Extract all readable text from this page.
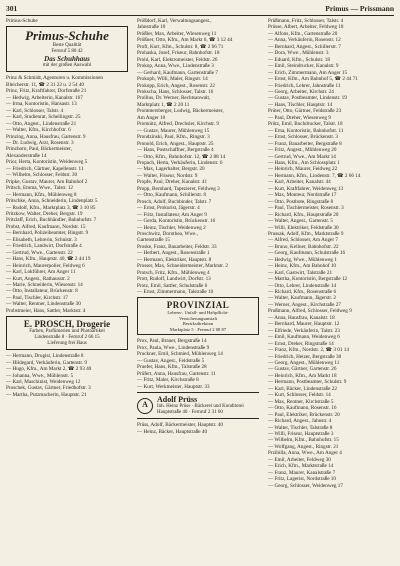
301	Primus — Prissmann
Primus-Schuhe
Primus-Schuhe
Beste Qualität
Fernruf 5 80 42
Das Schuhhaus
mit der großen Auswahl
Prinz & Schmidt, Agenturen u. Kommissionen
Bleicherstr. 11, ☎ 2 31 22 u. 2 54 40
Prinz, Fritz, Kraftfahrer, Dorfstraße 21
— Hedwig, Arbeiterin, Kanalstr. 167
— Irma, Kontoristin, Hansastr. 13
— Karl, Schlosser, Talstr. 4
— Karl, Studienrat, Schellingstr. 25
— Otto, Angest., Lindenstraße 21
— Walter, Kfm., Kirchhofstr. 6
Prinzing, Anna, Hausfrau, Gartenstr. 9
— Dr. Ludwig, Arzt, Rosenstr. 3
Prinzhorn, Paul, Bäckermeister,
Alexanderstraße 14
Prior, Herta, Kontoristin, Weidenweg 5
— Friedrich, Gärtner, Kapellenstr. 11
— Wilhelm, Schlosser, Feldstr. 30
Pripke, Gustav, Maurer, Am Bahnhof 2
Pritsch, Emma, Wwe., Talstr. 12
— Hermann, Kfm., Mühlenweg 8
Pritschke, Anna, Schneiderin, Lindenplatz 5
— Rudolf, Kfm., Marktplatz 3, ☎ 3 10 85
Pritzkow, Walter, Dreher, Bergstr. 19
Pritzlaff, Erich, Buchhändler, Bahnhofstr. 7
Probst, Alfred, Kaufmann, Nordstr. 15
— Bernhard, Polizeibeamter, Ringstr. 9
— Elisabeth, Lehrerin, Schulstr. 3
— Friedrich, Landwirt, Dorfstraße 4
— Gertrud, Wwe., Gartenstr. 22
— Hans, Kfm., Hauptstr. 40, ☎ 2 44 19
— Heinrich, Maurerpolier, Feldweg 6
— Karl, Lokführer, Am Anger 11
— Kurt, Angest., Rathausstr. 2
— Marie, Schneiderin, Wiesenstr. 14
— Otto, Installateur, Brückenstr. 8
— Paul, Tischler, Kirchstr. 17
— Walter, Rentner, Lindenstraße 30
Probstmeier, Hans, Sattler, Marktstr. 4
E. PROSCH, Drogerie
Farben, Parfümerien und Photoartikel
Lindenstraße 8 · Fernruf 2 66 15
Lieferung frei Haus
— Hermann, Drogist, Lindenstraße 8
— Hildegard, Verkäuferin, Gartenstr. 9
— Hugo, Kfm., Am Markt 2, ☎ 2 93 40
— Johanna, Wwe., Mühlenstr. 5
— Karl, Maschinist, Weidenweg 12
Proschek, Gustav, Gärtner, Friedhofstr. 3
— Martha, Putzmacherin, Hauptstr. 21
Prößdorf, Karl, Verwaltungsangest.,
Jahnstraße 10
Prößler, Max, Arbeiter, Wiesenweg 11
Prößner, Otto, Kfm., Am Markt 6, ☎ 3 12 44
Proft, Kurt, Kfm., Schulstr. 8, ☎ 2 66 71
Prohaska, Josef, Friseur, Bahnhofstr. 18
Prohl, Karl, Elektromeister, Feldstr. 26
Prokop, Anna, Wwe., Lindenstraße 3
— Gerhard, Kaufmann, Gartenstraße 7
Prokoph, Willi, Maler, Ringstr. 14
Prokopp, Erich, Angest., Rosenstr. 22
Prokscha, Hans, Schlosser, Talstr. 16
Prollius, Dr. Werner, Rechtsanwalt,
Marktplatz 1, ☎ 2 20 11
Prommersberger, Ludwig, Bäckermeister,
Am Anger 10
Promnitz, Alfred, Drechsler, Kirchstr. 9
— Gustav, Maurer, Mühlenweg 15
Prondzinski, Paul, Kfm., Ringstr. 3
Pronold, Erich, Angest., Hauptstr. 25
— Hans, Postschaffner, Bergstraße 4
— Otto, Kfm., Bahnhofstr. 12, ☎ 2 88 14
Propach, Herta, Verkäuferin, Lindenstr. 6
— Max, Lagerhalter, Bergstr. 20
— Walter, Friseur, Nordstr. 9
Propfe, Paul, Dreher, Kanalstr. 41
Propp, Bernhard, Tapezierer, Feldweg 3
— Otto, Kaufmann, Schillerstr. 8
Prosch, Adolf, Buchbinder, Talstr. 7
— Ernst, Prokurist, Jägerstr. 4
— Fritz, Installateur, Am Anger 9
— Gerda, Kontoristin, Brückenstr. 16
— Heinz, Tischler, Weidenweg 2
Proschwitz, Dorothea, Wwe.,
Gartenstraße 15
Proske, Franz, Bauarbeiter, Feldstr. 33
— Herbert, Angest., Rosenstraße 1
— Hermann, Elektriker, Hauptstr. 8
Prosser, Max, Schneidermeister, Marktstr. 2
Protsch, Fritz, Kfm., Mühlenweg 4
Prott, Rudolf, Landwirt, Dorfstr. 13
Protz, Emil, Sattler, Schulstraße 6
— Ernst, Zimmermann, Talstraße 10
PROVINZIAL
Lebens-, Unfall- und Haftpflicht-
Versicherungsanstalt
Bezirksdirektion
Marktplatz 5 · Fernruf 2 08 87
Prox, Paul, Brauer, Bergstraße 14
Prox, Paula, Wwe., Lindenstraße 9
Pruckner, Emil, Schmied, Mühlenweg 14
— Gustav, Angest., Feldstraße 5
Pruefer, Hans, Kfm., Talstraße 28
Prüfert, Anna, Hausfrau, Gartenstr. 11
— Fritz, Maler, Kirchstraße 8
— Kurt, Werkmeister, Hauptstr. 33
A
Adolf Prüss
Inh. Heinz Prüss · Bäckerei und Konditorei
Hauptstraße 40 · Fernruf 2 31 60
Prüss, Adolf, Bäckermeister, Hauptstr. 40
— Heinz, Bäcker, Hauptstraße 40
Prüßmann, Fritz, Schlosser, Talstr. 4
Prüsse, Albert, Arbeiter, Feldweg 18
— Alfons, Kfm., Gartenstraße 20
— Anna, Verkäuferin, Rosenstr. 12
— Bernhard, Angest., Schillerstr. 7
— Dora, Wwe., Mühlenstr. 3
— Eduard, Kfm., Schulstr. 18
— Emil, Steindrucker, Kanalstr. 9
— Erich, Zimmermann, Am Anger 15
— Ernst, Kfm., Am Bahnhof 5, ☎ 2 44 71
— Friedrich, Lehrer, Jahnstraße 11
— Georg, Arbeiter, Kirchstr. 24
— Gustav, Postbeamter, Lindenstr. 19
— Hans, Tischler, Hauptstr. 14
Prüter, Otto, Gärtner, Feldstraße 23
— Paul, Dreher, Wiesenweg 9
Prütz, Emil, Buchdrucker, Talstr. 18
— Erna, Kontoristin, Bahnhofstr. 11
— Ernst, Schlosser, Brückenstr. 3
— Franz, Bauarbeiter, Bergstraße 8
— Fritz, Angest., Mühlenweg 20
— Gertrud, Wwe., Am Markt 14
— Hans, Kfm., Am Schlossplatz 1
— Heinrich, Maurer, Feldweg 22
— Hermann, Kfm., Lindenstr. 7, ☎ 2 66 14
— Karl, Arbeiter, Kanalstr. 44
— Kurt, Kraftfahrer, Weidenweg 13
— Max, Monteur, Nordstraße 17
— Otto, Postbote, Ringstraße 8
— Paul, Tischlermeister, Rosenstr. 3
— Richard, Kfm., Hauptstraße 20
— Walter, Angest., Gartenstr. 5
— Willi, Elektriker, Feldstraße 30
Prussak, Adolf, Kfm., Marktstraße 9
— Alfred, Schlosser, Am Anger 7
— Bruno, Kellner, Bahnhofstr. 22
— Georg, Kaufmann, Schulstraße 16
— Hedwig, Wwe., Mühlenweg 1
— Heinz, Kfm., Am Bahnhof 10
— Karl, Gastwirt, Talstraße 21
— Martha, Kontoristin, Bergstraße 12
— Otto, Lehrer, Lindenstraße 14
— Richard, Kfm., Rosenstraße 6
— Walter, Kaufmann, Jägerstr. 2
— Werner, Angest., Kirchstraße 27
Prußmann, Alfred, Schlosser, Feldweg 9
— Anna, Hausfrau, Kanalstr. 18
— Bernhard, Maurer, Hauptstr. 12
— Elfriede, Verkäuferin, Talstr. 23
— Emil, Kaufmann, Weidenweg 6
— Ernst, Dreher, Ringstraße 14
— Franz, Kfm., Nordstr. 2, ☎ 3 01 14
— Friedrich, Heizer, Bergstraße 30
— Georg, Angest., Mühlenweg 11
— Gustav, Gärtner, Gartenstr. 26
— Heinrich, Kfm., Am Markt 18
— Hermann, Postbeamter, Schulstr. 9
— Karl, Bäcker, Lindenstraße 22
— Kurt, Schlosser, Feldstr. 14
— Max, Rentner, Kirchstraße 5
— Otto, Kaufmann, Rosenstr. 16
— Paul, Elektriker, Brückenstr. 20
— Richard, Angest., Jahnstr. 4
— Walter, Tischler, Talstraße 8
— Willi, Friseur, Hauptstraße 3
— Wilhelm, Kfm., Bahnhofstr. 15
— Wolfgang, Angest., Ringstr. 21
Przibilla, Anna, Wwe., Am Anger 4
— Emil, Arbeiter, Feldweg 30
— Erich, Kfm., Marktstraße 14
— Franz, Maurer, Kanalstraße 7
— Fritz, Lagerist, Nordstraße 10
— Georg, Schlosser, Weidenweg 17
